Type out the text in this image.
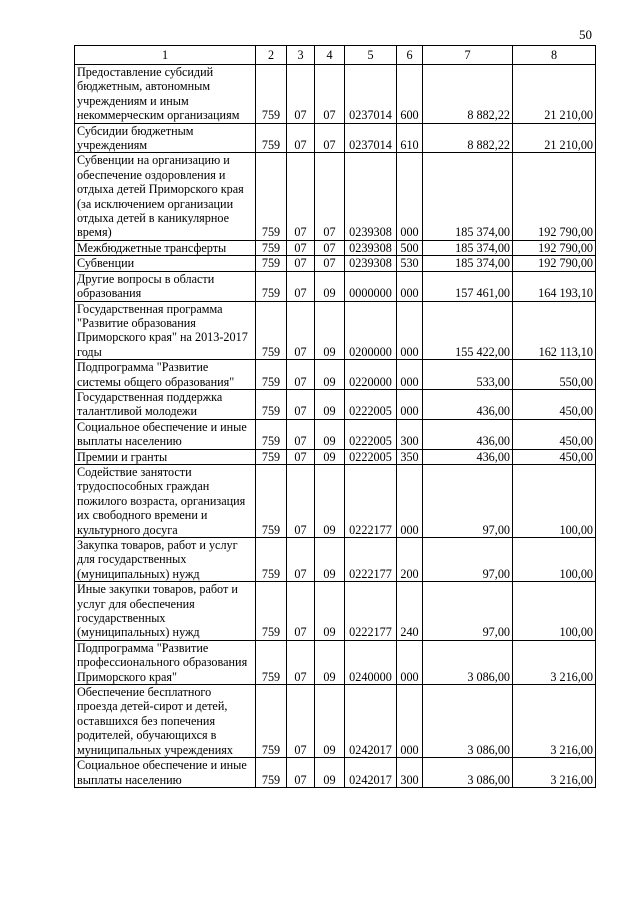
50
1	2	3	4	5	6	7	8
Предоставление субсидий бюджетным, автономным учреждениям и иным некоммерческим организациям	759	07	07	0237014	600	8 882,22	21 210,00
Субсидии бюджетным учреждениям	759	07	07	0237014	610	8 882,22	21 210,00
Субвенции на организацию и обеспечение оздоровления и отдыха детей Приморского края (за исключением организации отдыха детей в каникулярное время)	759	07	07	0239308	000	185 374,00	192 790,00
Межбюджетные трансферты	759	07	07	0239308	500	185 374,00	192 790,00
Субвенции	759	07	07	0239308	530	185 374,00	192 790,00
Другие вопросы в области образования	759	07	09	0000000	000	157 461,00	164 193,10
Государственная программа "Развитие образования Приморского края" на 2013-2017 годы	759	07	09	0200000	000	155 422,00	162 113,10
Подпрограмма "Развитие системы общего образования"	759	07	09	0220000	000	533,00	550,00
Государственная поддержка талантливой молодежи	759	07	09	0222005	000	436,00	450,00
Социальное обеспечение и иные выплаты населению	759	07	09	0222005	300	436,00	450,00
Премии и гранты	759	07	09	0222005	350	436,00	450,00
Содействие занятости трудоспособных граждан пожилого возраста, организация их свободного времени и культурного досуга	759	07	09	0222177	000	97,00	100,00
Закупка товаров, работ и услуг для государственных (муниципальных) нужд	759	07	09	0222177	200	97,00	100,00
Иные закупки товаров, работ и услуг для обеспечения государственных (муниципальных) нужд	759	07	09	0222177	240	97,00	100,00
Подпрограмма "Развитие профессионального образования Приморского края"	759	07	09	0240000	000	3 086,00	3 216,00
Обеспечение бесплатного проезда детей-сирот и детей, оставшихся без попечения родителей, обучающихся в муниципальных учреждениях	759	07	09	0242017	000	3 086,00	3 216,00
Социальное обеспечение и иные выплаты населению	759	07	09	0242017	300	3 086,00	3 216,00
